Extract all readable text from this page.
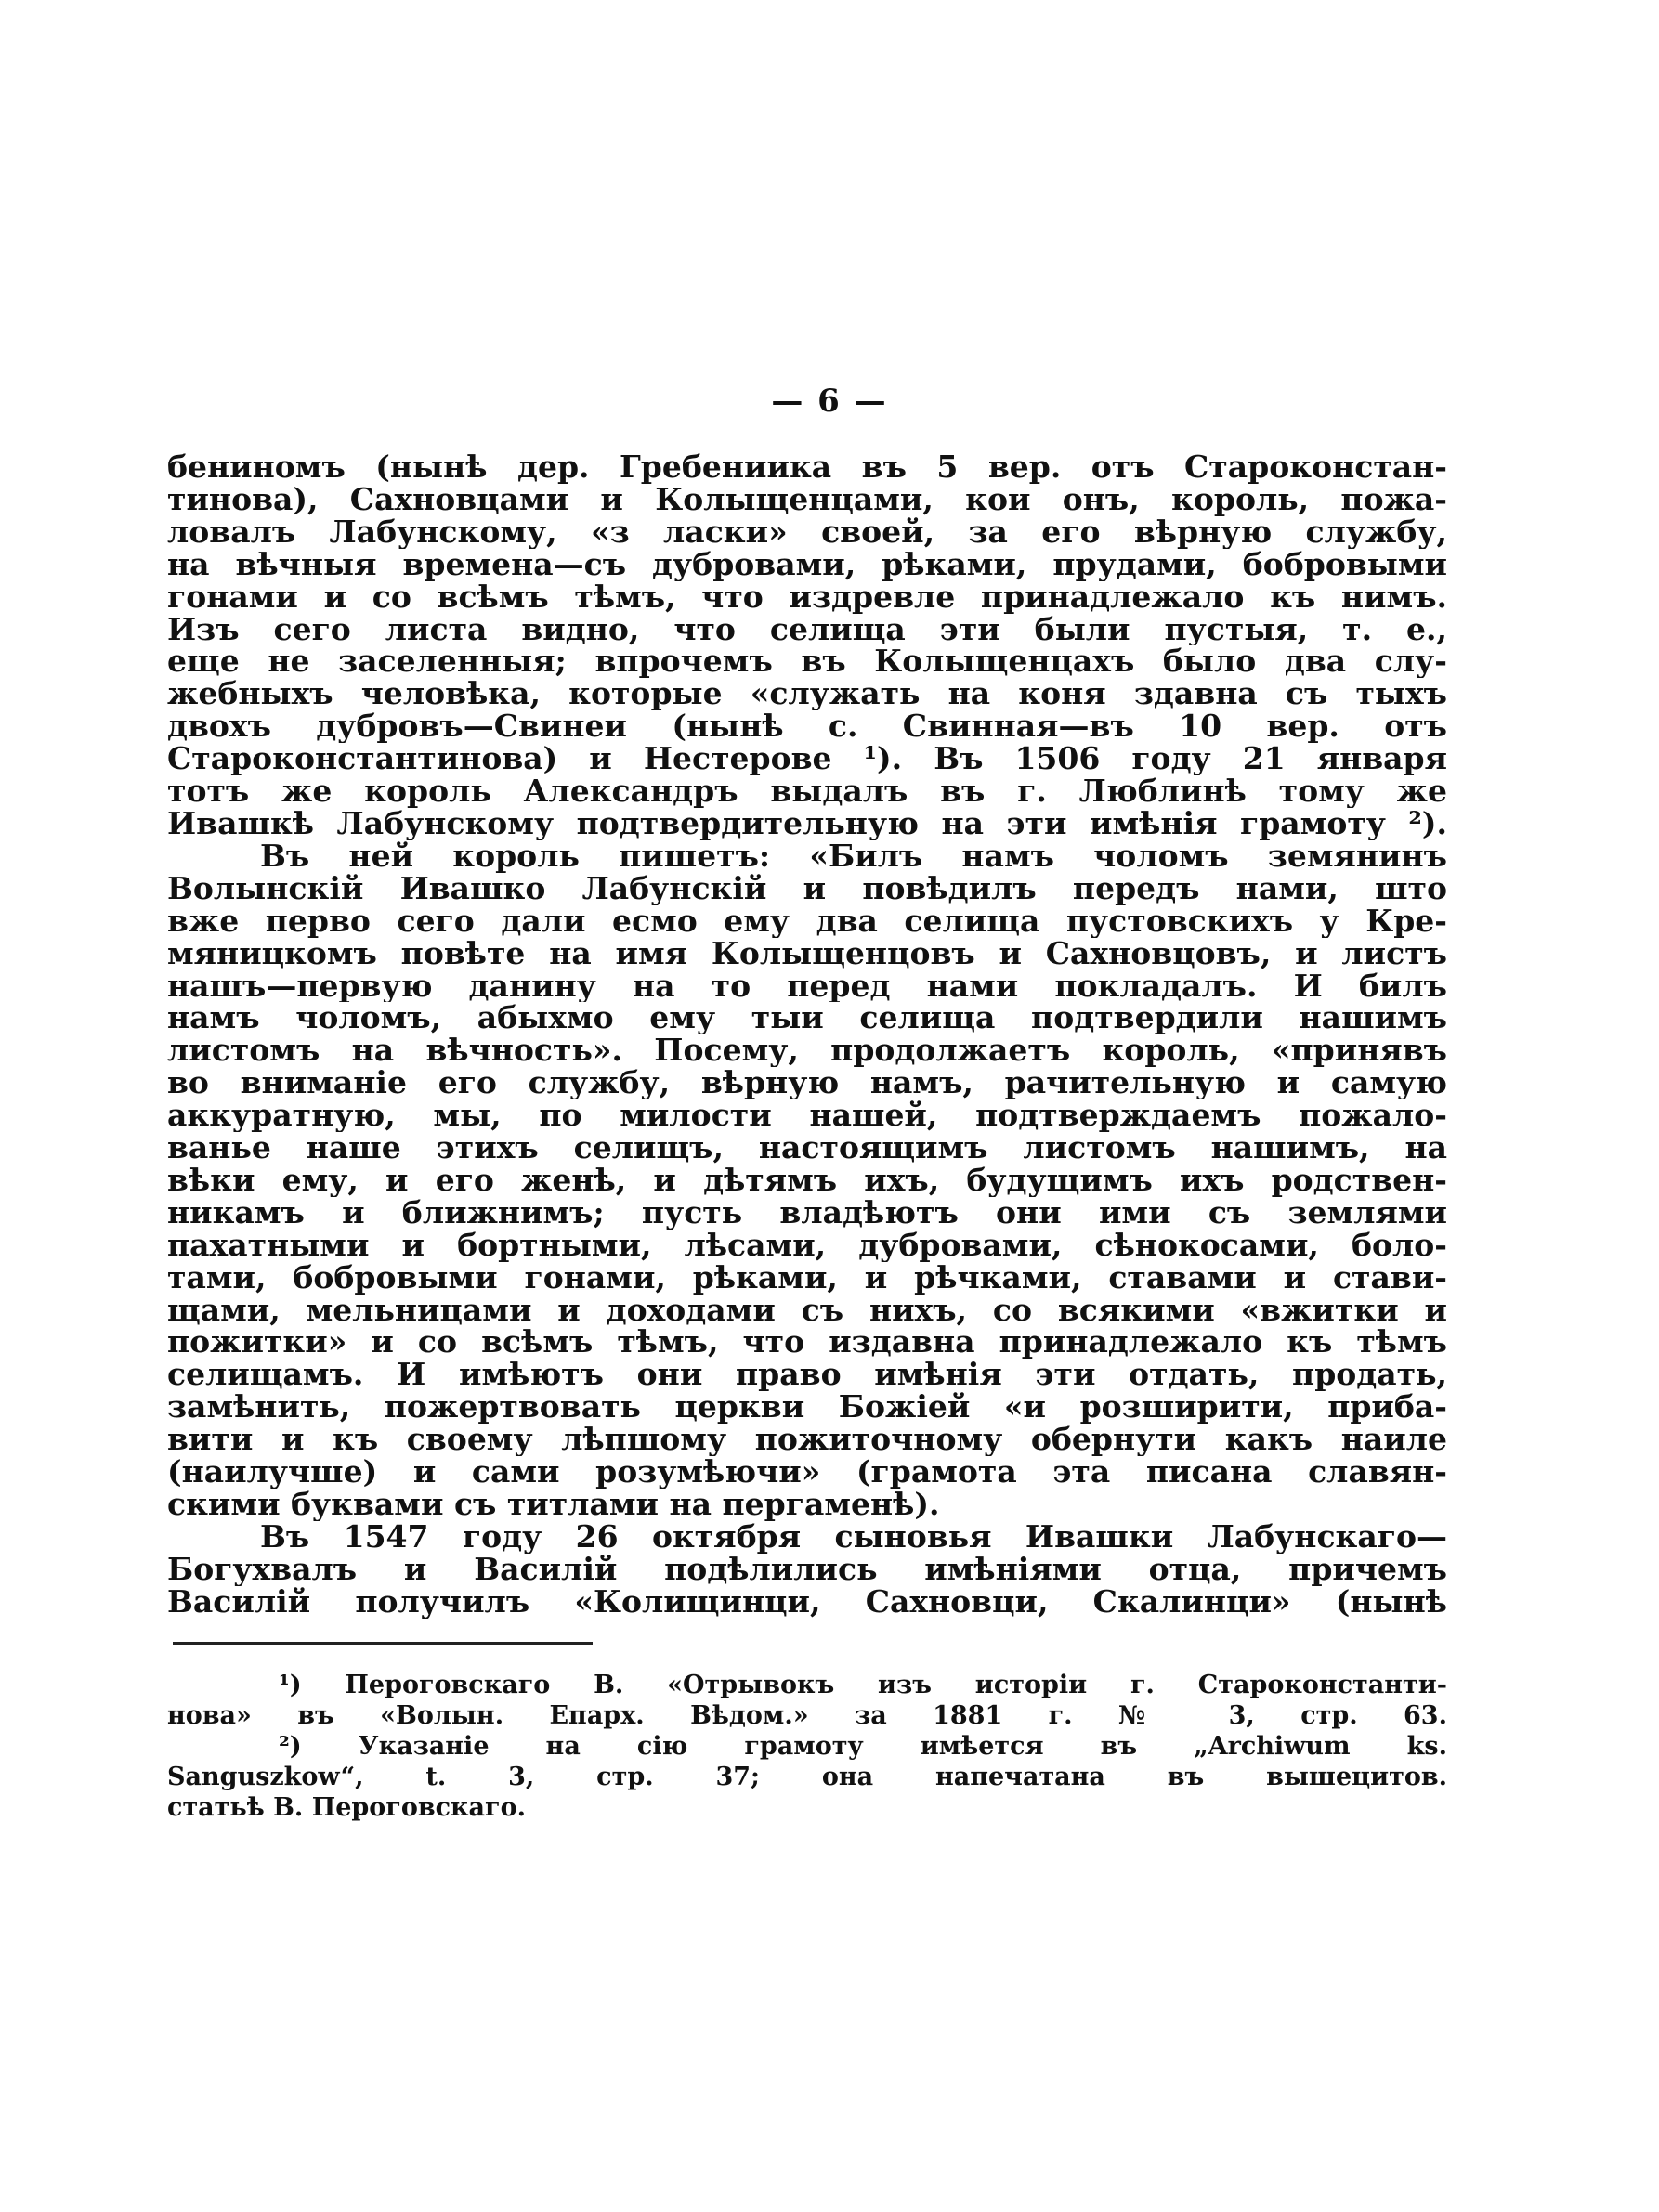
— 6 —
бениномъ (нынѣ дер. Гребениика въ 5 вер. отъ Староконстан-
тинова), Сахновцами и Колыщенцами, кои онъ, король, пожа-
ловалъ Лабунскому, «з ласки» своей, за его вѣрную службу,
на вѣчныя времена—съ дубровами, рѣками, прудами, бобровыми
гонами и со всѣмъ тѣмъ, что издревле принадлежало къ нимъ.
Изъ сего листа видно, что селища эти были пустыя, т. е.,
еще не заселенныя; впрочемъ въ Колыщенцахъ было два слу-
жебныхъ человѣка, которые «служать на коня здавна съ тыхъ
двохъ дубровъ—Свинеи (нынѣ с. Свинная—въ 10 вер. отъ
Староконстантинова) и Нестерове ¹). Въ 1506 году 21 января
тотъ же король Александръ выдалъ въ г. Люблинѣ тому же
Ивашкѣ Лабунскому подтвердительную на эти имѣнія грамоту ²).
Въ ней король пишетъ: «Билъ намъ чоломъ земянинъ
Волынскій Ивашко Лабунскій и повѣдилъ передъ нами, што
вже перво сего дали есмо ему два селища пустовскихъ у Кре-
мяницкомъ повѣте на имя Колыщенцовъ и Сахновцовъ, и листъ
нашъ—первую данину на то перед нами покладалъ. И билъ
намъ чоломъ, абыхмо ему тыи селища подтвердили нашимъ
листомъ на вѣчность». Посему, продолжаетъ король, «принявъ
во вниманіе его службу, вѣрную намъ, рачительную и самую
аккуратную, мы, по милости нашей, подтверждаемъ пожало-
ванье наше этихъ селищъ, настоящимъ листомъ нашимъ, на
вѣки ему, и его женѣ, и дѣтямъ ихъ, будущимъ ихъ родствен-
никамъ и ближнимъ; пусть владѣютъ они ими съ землями
пахатными и бортными, лѣсами, дубровами, сѣнокосами, боло-
тами, бобровыми гонами, рѣками, и рѣчками, ставами и стави-
щами, мельницами и доходами съ нихъ, со всякими «вжитки и
пожитки» и со всѣмъ тѣмъ, что издавна принадлежало къ тѣмъ
селищамъ. И имѣютъ они право имѣнія эти отдать, продать,
замѣнить, пожертвовать церкви Божіей «и розширити, приба-
вити и къ своему лѣпшому пожиточному обернути какъ наиле
(наилучше) и сами розумѣючи» (грамота эта писана славян-
скими буквами съ титлами на пергаменѣ).
Въ 1547 году 26 октября сыновья Ивашки Лабунскаго—
Богухвалъ и Василій подѣлились имѣніями отца, причемъ
Василій получилъ «Колищинци, Сахновци, Скалинци» (нынѣ
¹) Пероговскаго В. «Отрывокъ изъ исторіи г. Староконстанти-
нова» въ «Волын. Епарх. Вѣдом.» за 1881 г. № 3, стр. 63.
²) Указаніе на сію грамоту имѣется въ „Archiwum ks.
Sanguszkow“, t. 3, стр. 37; она напечатана въ вышецитов.
статьѣ В. Пероговскаго.
